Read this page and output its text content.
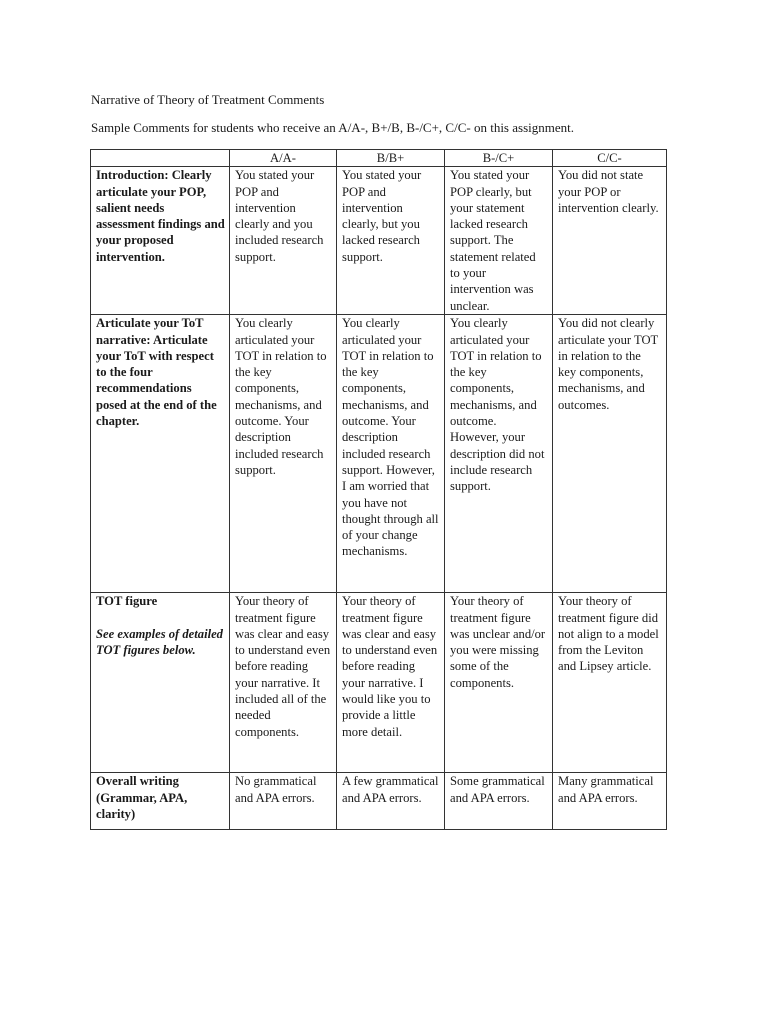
Narrative of Theory of Treatment Comments
Sample Comments for students who receive an A/A-, B+/B, B-/C+, C/C- on this assignment.
	A/A-	B/B+	B-/C+	C/C-

Introduction: Clearly articulate your POP, salient needs assessment findings and your proposed intervention.	You stated your POP and intervention clearly and you included research support.	You stated your POP and intervention clearly, but you lacked research support.	You stated your POP clearly, but your statement lacked research support. The statement related to your intervention was unclear.	You did not state your POP or intervention clearly.

Articulate your ToT narrative: Articulate your ToT with respect to the four recommendations posed at the end of the chapter.	You clearly articulated your TOT in relation to the key components, mechanisms, and outcome. Your description included research support.	You clearly articulated your TOT in relation to the key components, mechanisms, and outcome. Your description included research support. However, I am worried that you have not thought through all of your change mechanisms.	You clearly articulated your TOT in relation to the key components, mechanisms, and outcome. However, your description did not include research support.	You did not clearly articulate your TOT in relation to the key components, mechanisms, and outcomes.

TOT figure
See examples of detailed TOT figures below.	Your theory of treatment figure was clear and easy to understand even before reading your narrative. It included all of the needed components.	Your theory of treatment figure was clear and easy to understand even before reading your narrative. I would like you to provide a little more detail.	Your theory of treatment figure was unclear and/or you were missing some of the components.	Your theory of treatment figure did not align to a model from the Leviton and Lipsey article.

Overall writing (Grammar, APA, clarity)	No grammatical and APA errors.	A few grammatical and APA errors.	Some grammatical and APA errors.	Many grammatical and APA errors.
